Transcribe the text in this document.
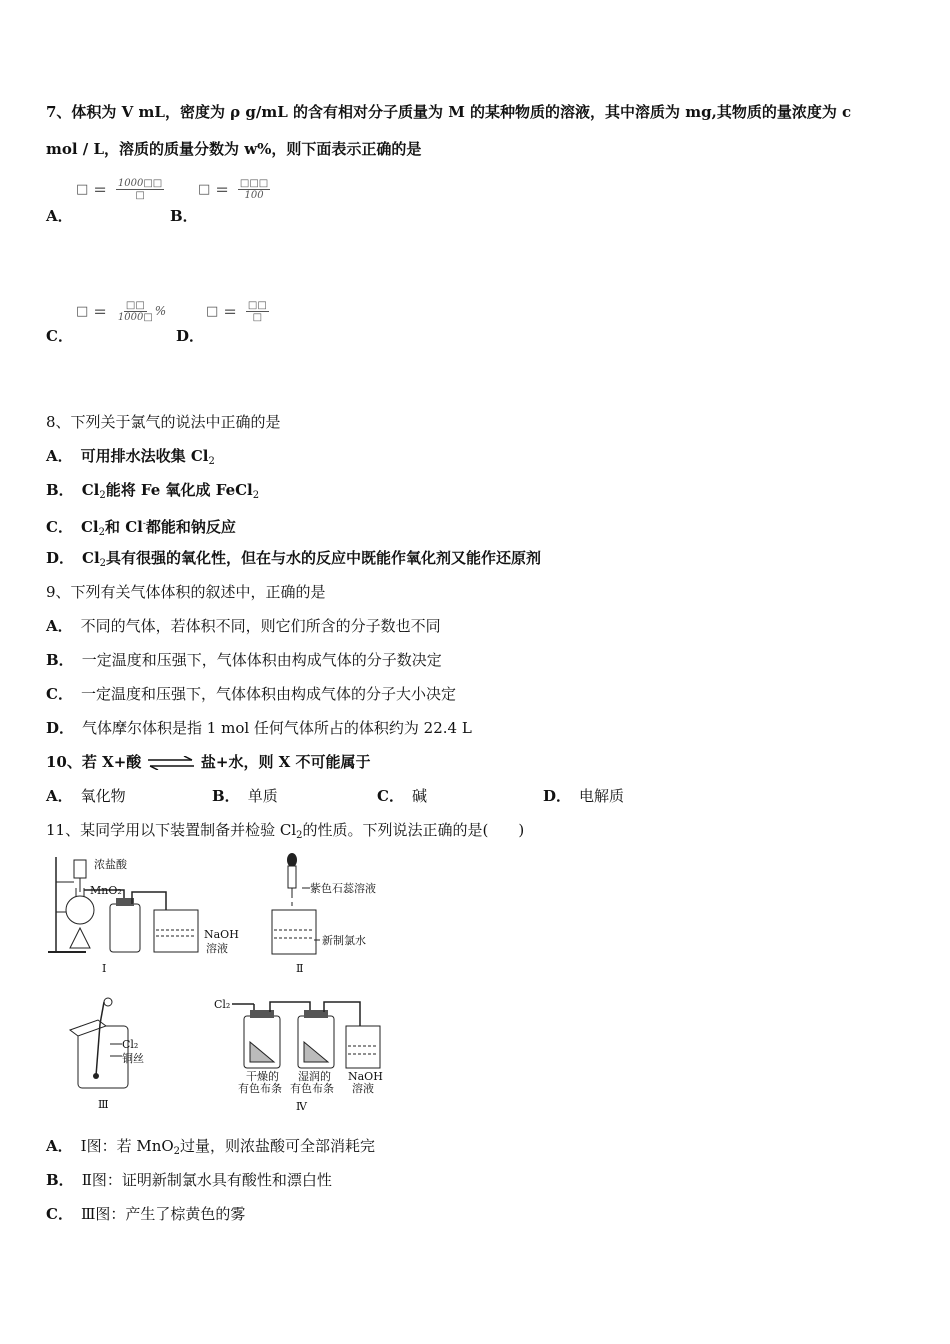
7、体积为 V mL，密度为 ρ g/mL 的含有相对分子质量为 M 的某种物质的溶液，其中溶质为 mg,其物质的量浓度为 c
mol / L，溶质的质量分数为 w%，则下面表示正确的是
A．
□ = $\frac{1000□□}{□}$
B．
□ = $\frac{□□□}{100}$
C．
□ = $\frac{□□}{1000□}$ %
D．
□ = $\frac{□□}{□}$
8、下列关于氯气的说法中正确的是
A． 可用排水法收集 $Cl_2$
B． $Cl_2$能将 Fe 氧化成 FeCl$_2$
C． $Cl_2$和 Cl-都能和钠反应
D． $Cl_2$具有很强的氧化性，但在与水的反应中既能作氧化剂又能作还原剂
9、下列有关气体体积的叙述中，正确的是
A． 不同的气体，若体积不同，则它们所含的分子数也不同
B． 一定温度和压强下，气体体积由构成气体的分子数决定
C． 一定温度和压强下，气体体积由构成气体的分子大小决定
D． 气体摩尔体积是指 1 mol 任何气体所占的体积约为 22.4 L
10、若 X+酸 ⇌ 盐+水，则 X 不可能属于
A． 氧化物	B． 单质	C． 碱	D． 电解质
11、某同学用以下装置制备并检验 $Cl_2$的性质。下列说法正确的是(　　)
浓盐酸
MnO₂
NaOH
溶液
Ⅰ
紫色石蕊溶液
新制氯水
Ⅱ
Cl₂
铜丝
Ⅲ
Cl₂
干燥的
有色布条
湿润的
有色布条
NaOH
溶液
Ⅳ
A． Ⅰ图：若 MnO$_2$过量，则浓盐酸可全部消耗完
B． Ⅱ图：证明新制氯水具有酸性和漂白性
C． Ⅲ图：产生了棕黄色的雾
